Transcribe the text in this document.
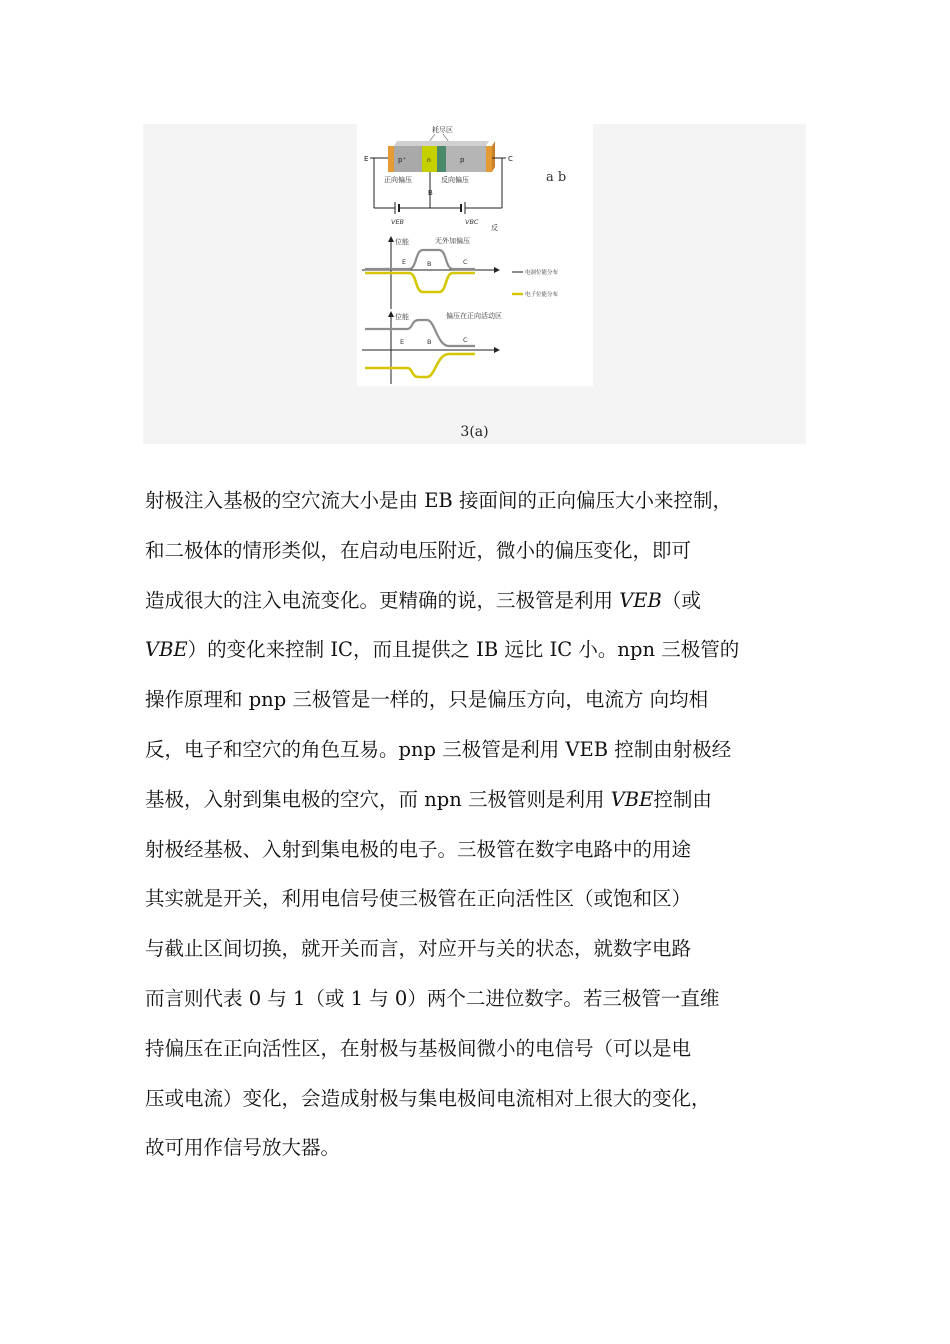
耗尽区
p⁺	n	p
E	C
正向偏压	反向偏压
B
VEB	VBC
反
位能	无外加偏压
E	B	C
电洞位能分布
电子位能分布
位能	偏压在正向活动区
E	B	C
a b
3(a)
射极注入基极的空穴流大小是由 EB 接面间的正向偏压大小来控制，
和二极体的情形类似，在启动电压附近，微小的偏压变化，即可
造成很大的注入电流变化。更精确的说，三极管是利用 VEB（或
VBE）的变化来控制 IC，而且提供之 IB 远比 IC 小。npn 三极管的
操作原理和 pnp 三极管是一样的，只是偏压方向，电流方 向均相
反，电子和空穴的角色互易。pnp 三极管是利用 VEB 控制由射极经
基极，入射到集电极的空穴，而 npn 三极管则是利用 VBE控制由
射极经基极、入射到集电极的电子。三极管在数字电路中的用途
其实就是开关，利用电信号使三极管在正向活性区（或饱和区）
与截止区间切换，就开关而言，对应开与关的状态，就数字电路
而言则代表 0 与 1（或 1 与 0）两个二进位数字。若三极管一直维
持偏压在正向活性区，在射极与基极间微小的电信号（可以是电
压或电流）变化，会造成射极与集电极间电流相对上很大的变化，
故可用作信号放大器。
